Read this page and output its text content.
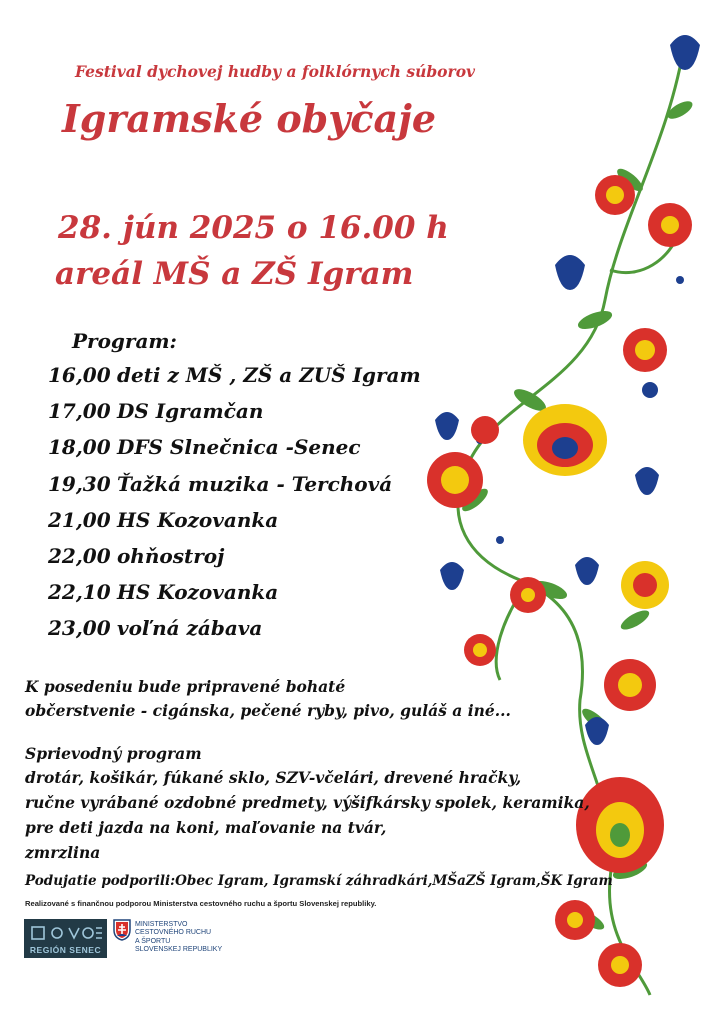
Festival dychovej hudby a folklórnych súborov
Igramské obyčaje
28. jún 2025 o 16.00 h
areál MŠ a ZŠ Igram
Program:
16,00 deti z MŠ , ZŠ a ZUŠ Igram
17,00 DS Igramčan
18,00 DFS Slnečnica -Senec
19,30 Ťažká muzika - Terchová
21,00 HS Kozovanka
22,00 ohňostroj
22,10 HS Kozovanka
23,00 voľná zábava
K posedeniu bude pripravené bohaté
občerstvenie - cigánska, pečené ryby, pivo, guláš a iné...
Sprievodný program
drotár, košikár, fúkané sklo, SZV-včelári, drevené hračky,
ručne vyrábané ozdobné predmety, výšifkársky spolek, keramika,
pre deti jazda na koni, maľovanie na tvár,
zmrzlina
Podujatie podporili:Obec Igram, Igramskí záhradkári,MŠaZŠ Igram,ŠK Igram
Realizované s finančnou podporou Ministerstva cestovného ruchu a športu Slovenskej republiky.
REGIÓN SENEC
MINISTERSTVO
CESTOVNÉHO RUCHU
A ŠPORTU
SLOVENSKEJ REPUBLIKY
